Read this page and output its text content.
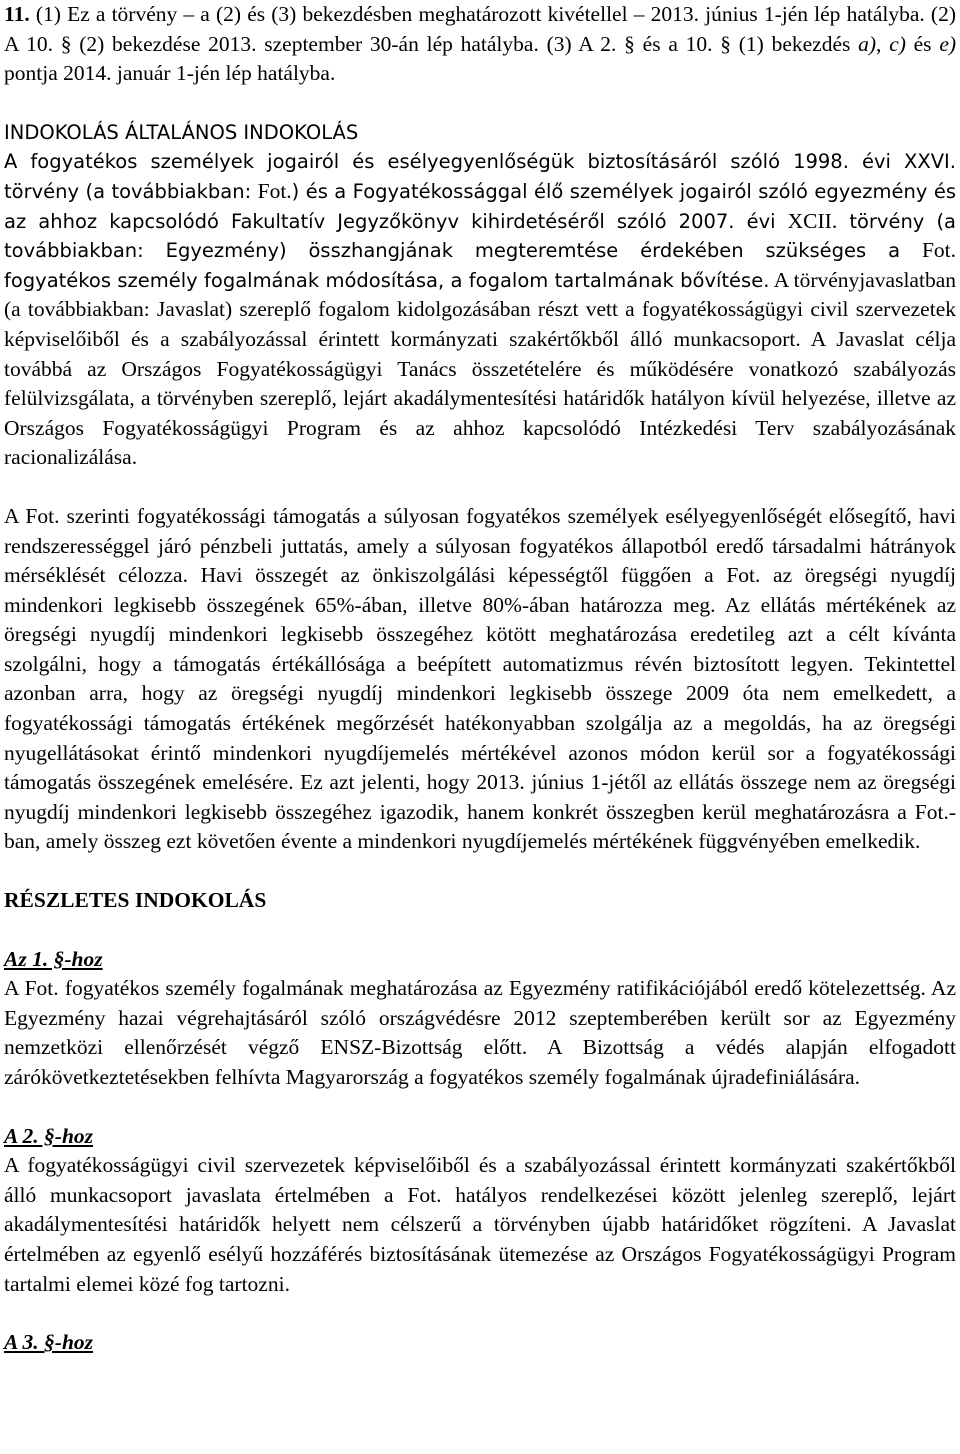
11. (1) Ez a törvény – a (2) és (3) bekezdésben meghatározott kivétellel – 2013. június 1-jén lép hatályba. (2) A 10. § (2) bekezdése 2013. szeptember 30-án lép hatályba. (3) A 2. § és a 10. § (1) bekezdés a), c) és e) pontja 2014. január 1-jén lép hatályba.

INDOKOLÁS ÁLTALÁNOS INDOKOLÁS
A fogyatékos személyek jogairól és esélyegyenlőségük biztosításáról szóló 1998. évi XXVI. törvény (a továbbiakban: Fot.) és a Fogyatékossággal élő személyek jogairól szóló egyezmény és az ahhoz kapcsolódó Fakultatív Jegyzőkönyv kihirdetéséről szóló 2007. évi XCII. törvény (a továbbiakban: Egyezmény) összhangjának megteremtése érdekében szükséges a Fot. fogyatékos személy fogalmának módosítása, a fogalom tartalmának bővítése. A törvényjavaslatban (a továbbiakban: Javaslat) szereplő fogalom kidolgozásában részt vett a fogyatékosságügyi civil szervezetek képviselőiből és a szabályozással érintett kormányzati szakértőkből álló munkacsoport. A Javaslat célja továbbá az Országos Fogyatékosságügyi Tanács összetételére és működésére vonatkozó szabályozás felülvizsgálata, a törvényben szereplő, lejárt akadálymentesítési határidők hatályon kívül helyezése, illetve az Országos Fogyatékosságügyi Program és az ahhoz kapcsolódó Intézkedési Terv szabályozásának racionalizálása.

A Fot. szerinti fogyatékossági támogatás a súlyosan fogyatékos személyek esélyegyenlőségét elősegítő, havi rendszerességgel járó pénzbeli juttatás, amely a súlyosan fogyatékos állapotból eredő társadalmi hátrányok mérséklését célozza. Havi összegét az önkiszolgálási képességtől függően a Fot. az öregségi nyugdíj mindenkori legkisebb összegének 65%-ában, illetve 80%-ában határozza meg. Az ellátás mértékének az öregségi nyugdíj mindenkori legkisebb összegéhez kötött meghatározása eredetileg azt a célt kívánta szolgálni, hogy a támogatás értékállósága a beépített automatizmus révén biztosított legyen. Tekintettel azonban arra, hogy az öregségi nyugdíj mindenkori legkisebb összege 2009 óta nem emelkedett, a fogyatékossági támogatás értékének megőrzését hatékonyabban szolgálja az a megoldás, ha az öregségi nyugellátásokat érintő mindenkori nyugdíjemelés mértékével azonos módon kerül sor a fogyatékossági támogatás összegének emelésére. Ez azt jelenti, hogy 2013. június 1-jétől az ellátás összege nem az öregségi nyugdíj mindenkori legkisebb összegéhez igazodik, hanem konkrét összegben kerül meghatározásra a Fot.-ban, amely összeg ezt követően évente a mindenkori nyugdíjemelés mértékének függvényében emelkedik.

RÉSZLETES INDOKOLÁS

Az 1. §-hoz

A Fot. fogyatékos személy fogalmának meghatározása az Egyezmény ratifikációjából eredő kötelezettség. Az Egyezmény hazai végrehajtásáról szóló országvédésre 2012 szeptemberében került sor az Egyezmény nemzetközi ellenőrzését végző ENSZ-Bizottság előtt. A Bizottság a védés alapján elfogadott zárókövetkeztetésekben felhívta Magyarország a fogyatékos személy fogalmának újradefiniálására.

A 2. §-hoz

A fogyatékosságügyi civil szervezetek képviselőiből és a szabályozással érintett kormányzati szakértőkből álló munkacsoport javaslata értelmében a Fot. hatályos rendelkezései között jelenleg szereplő, lejárt akadálymentesítési határidők helyett nem célszerű a törvényben újabb határidőket rögzíteni. A Javaslat értelmében az egyenlő esélyű hozzáférés biztosításának ütemezése az Országos Fogyatékosságügyi Program tartalmi elemei közé fog tartozni.

A 3. §-hoz
